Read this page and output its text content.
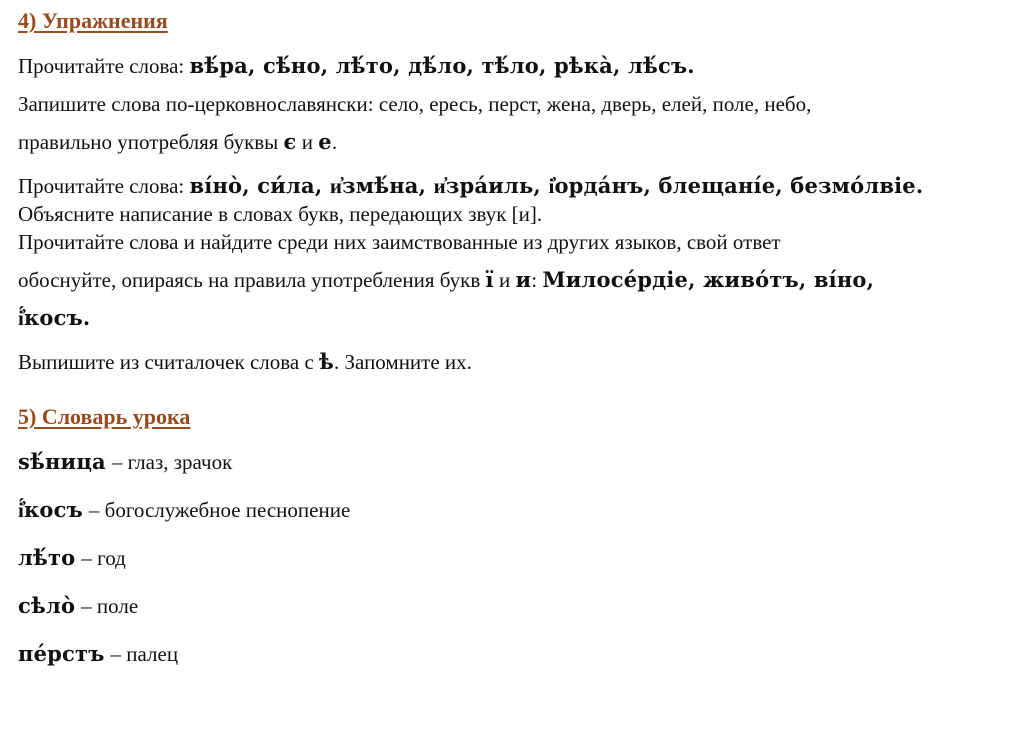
4) Упражнения

Прочитайте слова: вѣ́ра, сѣ́но, лѣ́то, дѣ́ло, тѣ́ло, рѣка̀, лѣ́съ.

Запишите слова по-церковнославянски: село, ересь, перст, жена, дверь, елей, поле, небо,

правильно употребляя буквы є и е.

Прочитайте слова: ві́но̀, си́ла, и҆змѣ́на, и҆зра́иль, і҆орда́нъ, блещані́е, безмо́лвіе.

Объясните написание в словах букв, передающих звук [и].

Прочитайте слова и найдите среди них заимствованные из других языков, свой ответ

обоснуйте, опираясь на правила употребления букв ї и и: Милосе́рдіе, живо́тъ, ві́но,

і҆́косъ.

Выпишите из считалочек слова с ѣ. Запомните их.

5) Словарь урока

ѕѣ́ница – глаз, зрачок

і҆́косъ – богослужебное песнопение

лѣ́то – год

сѣло̀ – поле

пе́рстъ – палец
